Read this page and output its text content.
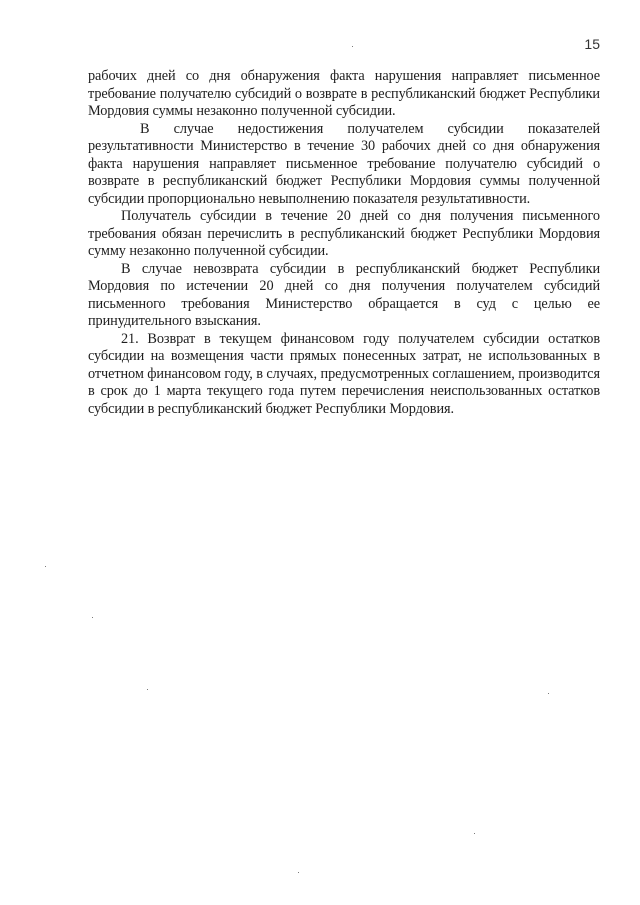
15

рабочих дней со дня обнаружения факта нарушения направляет письменное требование получателю субсидий о возврате в республиканский бюджет Республики Мордовия суммы незаконно полученной субсидии.

В случае недостижения получателем субсидии показателей результативности Министерство в течение 30 рабочих дней со дня обнаружения факта нарушения направляет письменное требование получателю субсидий о возврате в республиканский бюджет Республики Мордовия суммы полученной субсидии пропорционально невыполнению показателя результативности.

Получатель субсидии в течение 20 дней со дня получения письменного требования обязан перечислить в республиканский бюджет Республики Мордовия сумму незаконно полученной субсидии.

В случае невозврата субсидии в республиканский бюджет Республики Мордовия по истечении 20 дней со дня получения получателем субсидий письменного требования Министерство обращается в суд с целью ее принудительного взыскания.

21. Возврат в текущем финансовом году получателем субсидии остатков субсидии на возмещения части прямых понесенных затрат, не использованных в отчетном финансовом году, в случаях, предусмотренных соглашением, производится в срок до 1 марта текущего года путем перечисления неиспользованных остатков субсидии в республиканский бюджет Республики Мордовия.
